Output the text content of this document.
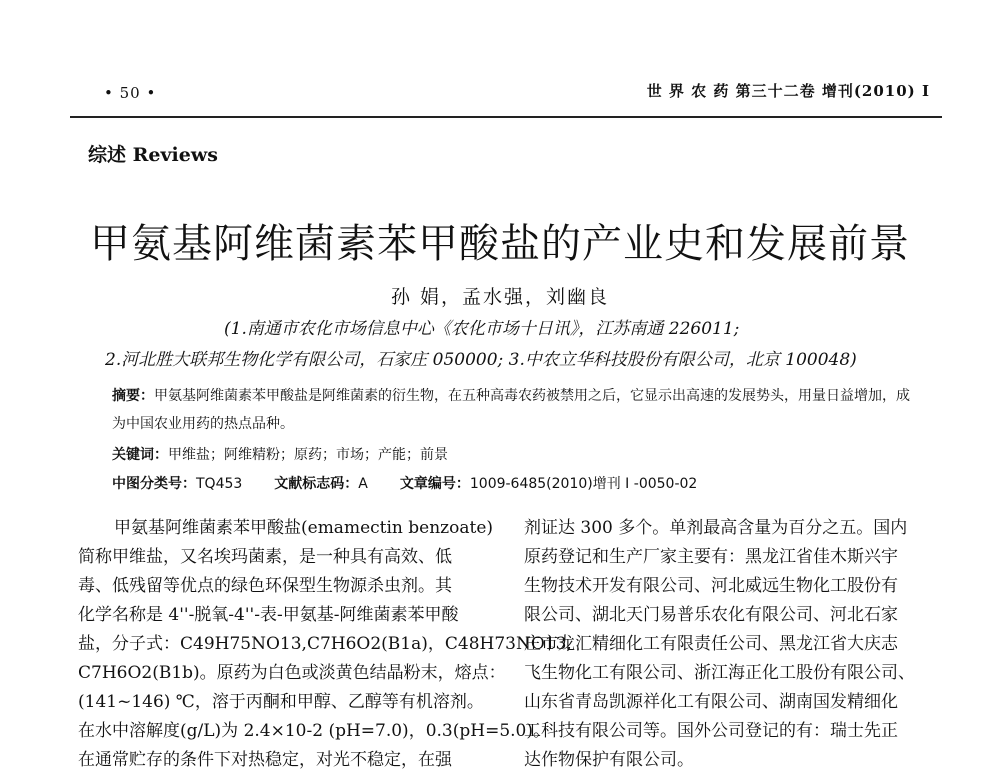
• 50 •	世 界 农 药 第三十二卷 增刊(2010) I
综述 Reviews
甲氨基阿维菌素苯甲酸盐的产业史和发展前景
孙 娟，孟水强，刘幽良
(1.南通市农化市场信息中心《农化市场十日讯》，江苏南通 226011;
2.河北胜大联邦生物化学有限公司，石家庄 050000; 3.中农立华科技股份有限公司，北京 100048)
摘要：甲氨基阿维菌素苯甲酸盐是阿维菌素的衍生物，在五种高毒农药被禁用之后，它显示出高速的发展势头，用量日益增加，成为中国农业用药的热点品种。
关键词：甲维盐；阿维精粉；原药；市场；产能；前景
中图分类号：TQ453 文献标志码：A 文章编号：1009-6485(2010)增刊 I -0050-02

甲氨基阿维菌素苯甲酸盐(emamectin benzoate)

简称甲维盐，又名埃玛菌素，是一种具有高效、低

毒、低残留等优点的绿色环保型生物源杀虫剂。其

化学名称是 4''-脱氧-4''-表-甲氨基-阿维菌素苯甲酸

盐，分子式：C49H75NO13,C7H6O2(B1a)，C48H73NO13,

C7H6O2(B1b)。原药为白色或淡黄色结晶粉末，熔点：

(141~146) ℃，溶于丙酮和甲醇、乙醇等有机溶剂。

在水中溶解度(g/L)为 2.4×10-2 (pH=7.0)，0.3(pH=5.0)。

在通常贮存的条件下对热稳定，对光不稳定，在强

剂证达 300 多个。单剂最高含量为百分之五。国内

原药登记和生产厂家主要有：黑龙江省佳木斯兴宇

生物技术开发有限公司、河北威远生物化工股份有

限公司、湖北天门易普乐农化有限公司、河北石家

庄市龙汇精细化工有限责任公司、黑龙江省大庆志

飞生物化工有限公司、浙江海正化工股份有限公司、

山东省青岛凯源祥化工有限公司、湖南国发精细化

工科技有限公司等。国外公司登记的有：瑞士先正

达作物保护有限公司。
